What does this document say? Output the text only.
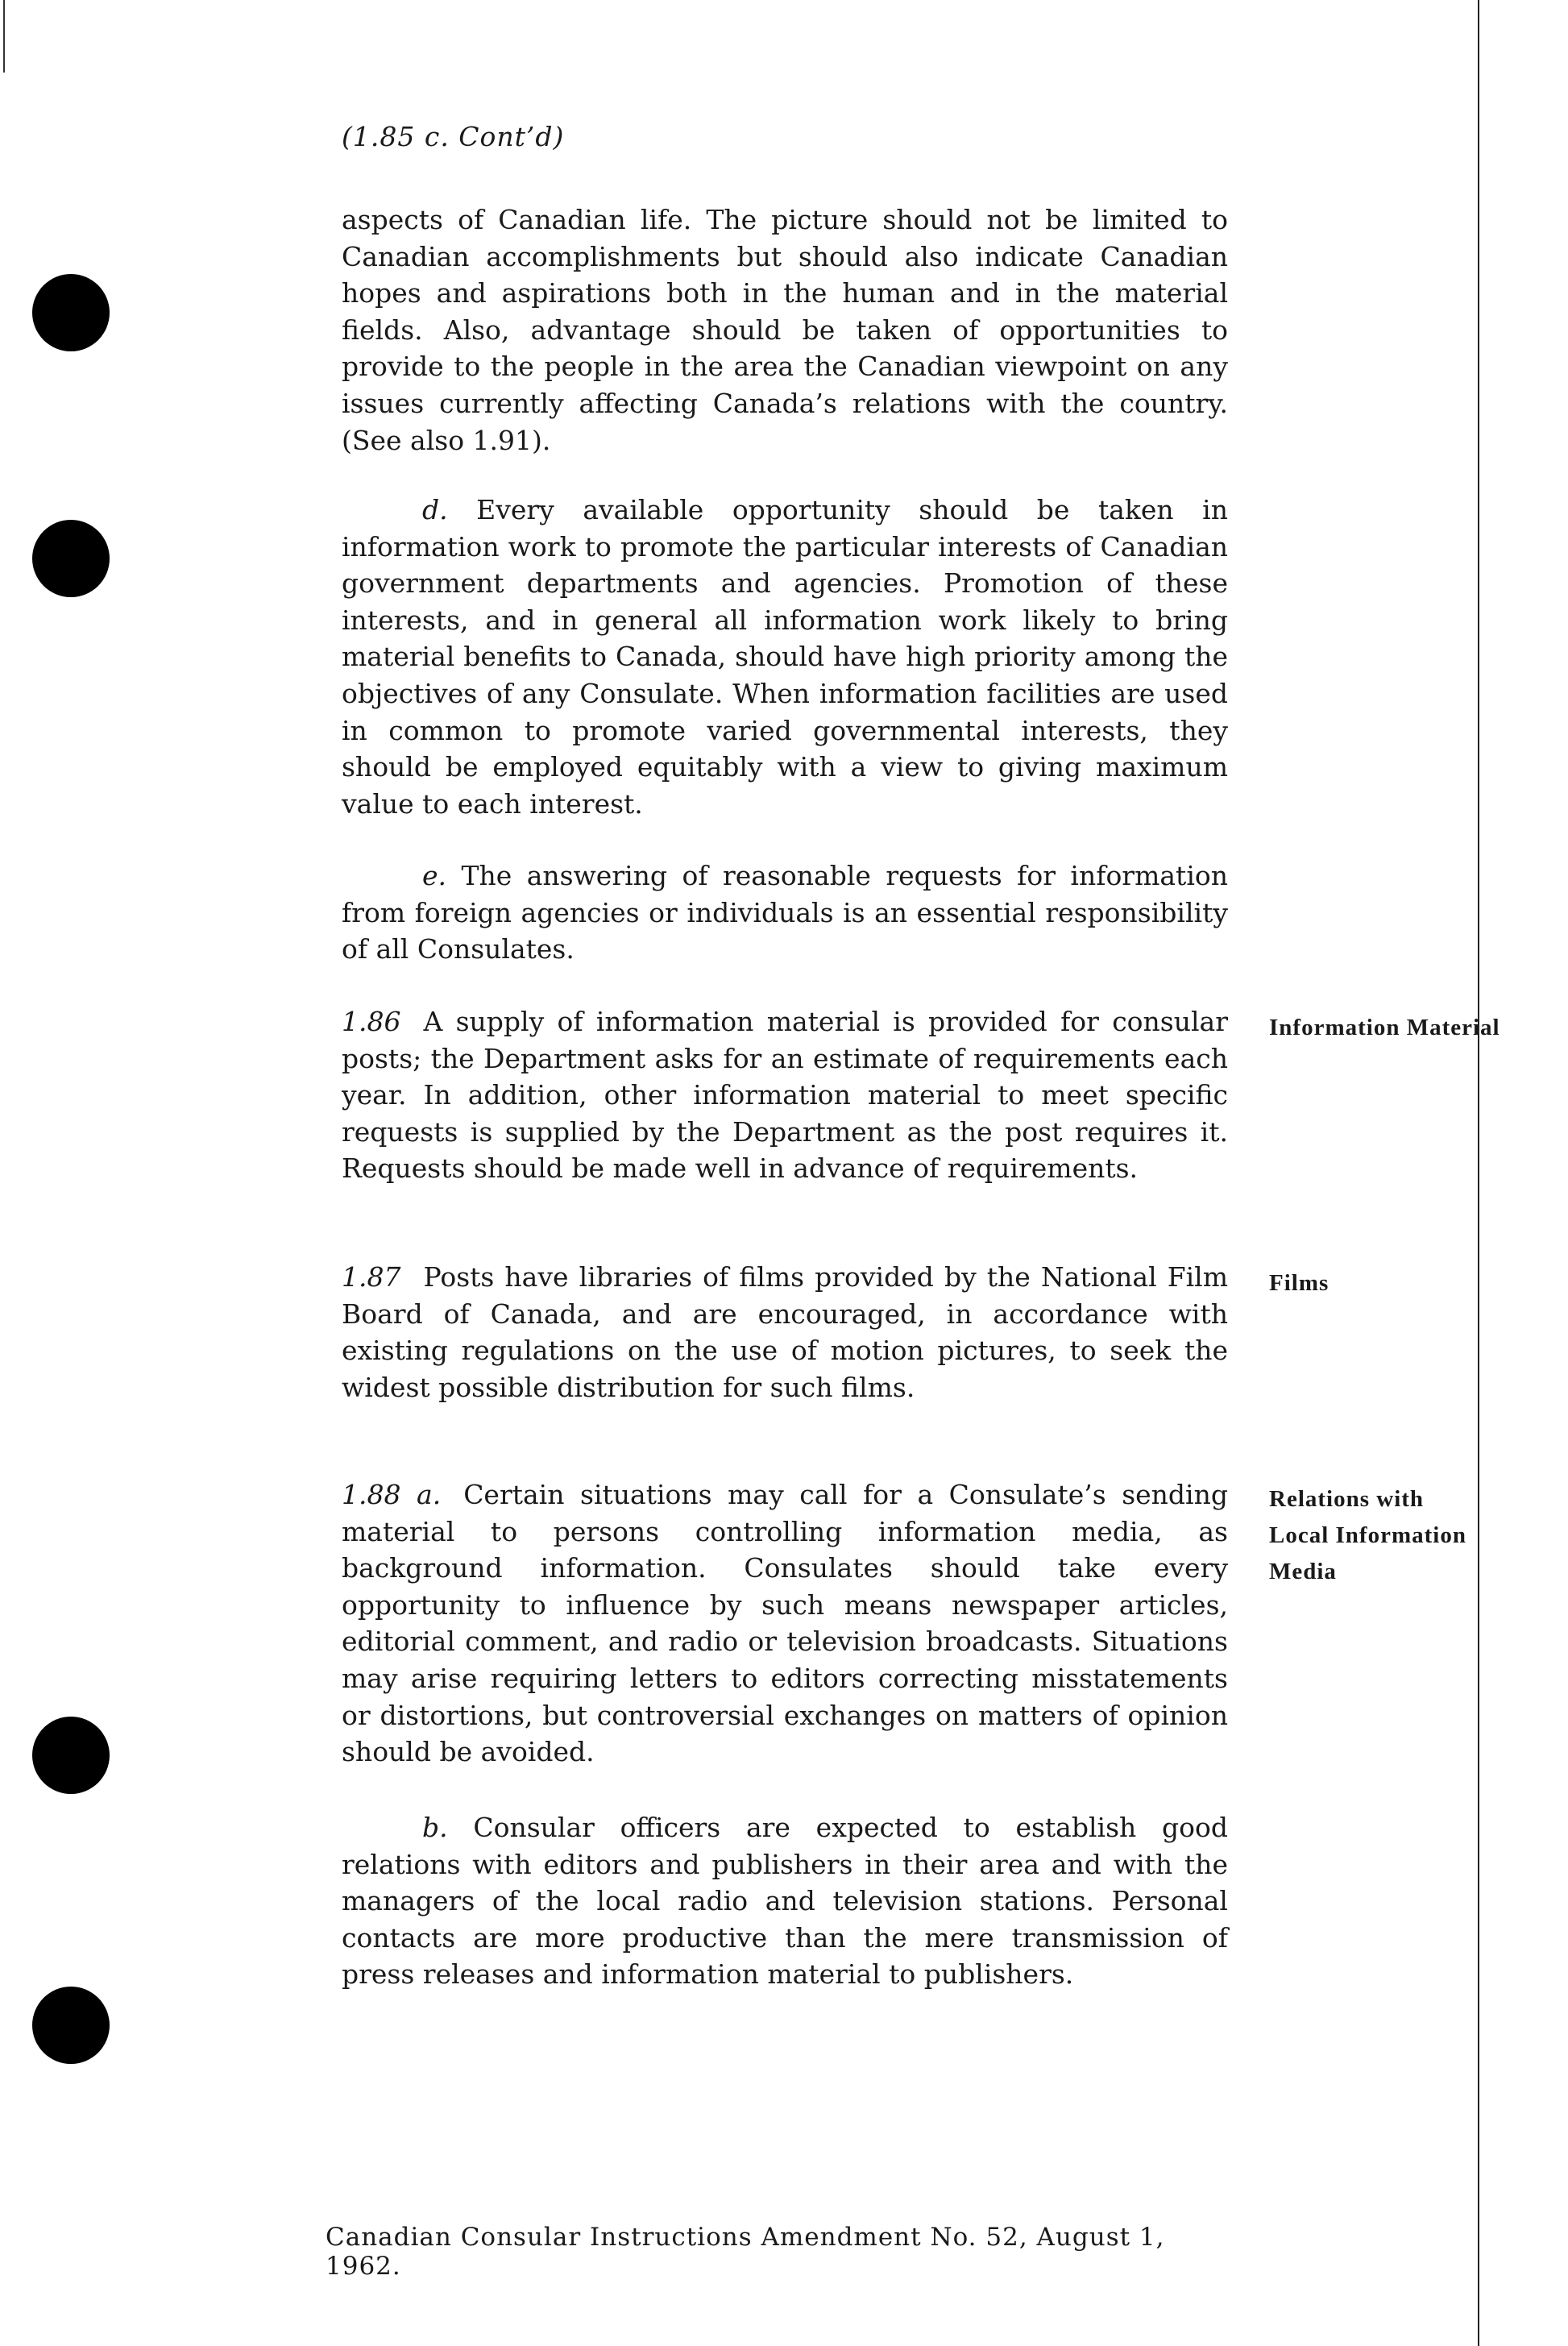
(1.85 c. Cont’d)

aspects of Canadian life. The picture should not be limited to Canadian accomplishments but should also indicate Canadian hopes and aspirations both in the human and in the material fields. Also, advantage should be taken of opportunities to provide to the people in the area the Canadian viewpoint on any issues currently affecting Canada’s relations with the country. (See also 1.91).

d. Every available opportunity should be taken in information work to promote the particular interests of Canadian government departments and agencies. Promotion of these interests, and in general all information work likely to bring material benefits to Canada, should have high priority among the objectives of any Consulate. When information facilities are used in common to promote varied governmental interests, they should be employed equitably with a view to giving maximum value to each interest.

e. The answering of reasonable requests for information from foreign agencies or individuals is an essential responsibility of all Consulates.

1.86 A supply of information material is provided for consular posts; the Department asks for an estimate of requirements each year. In addition, other information material to meet specific requests is supplied by the Department as the post requires it. Requests should be made well in advance of requirements.

Information Material

1.87 Posts have libraries of films provided by the National Film Board of Canada, and are encouraged, in accordance with existing regulations on the use of motion pictures, to seek the widest possible distribution for such films.

Films

1.88 a. Certain situations may call for a Consulate’s sending material to persons controlling information media, as background information. Consulates should take every opportunity to influence by such means newspaper articles, editorial comment, and radio or television broadcasts. Situations may arise requiring letters to editors correcting misstatements or distortions, but controversial exchanges on matters of opinion should be avoided.

Relations with
Local Information
Media

b. Consular officers are expected to establish good relations with editors and publishers in their area and with the managers of the local radio and television stations. Personal contacts are more productive than the mere transmission of press releases and information material to publishers.

Canadian Consular Instructions Amendment No. 52, August 1, 1962.
